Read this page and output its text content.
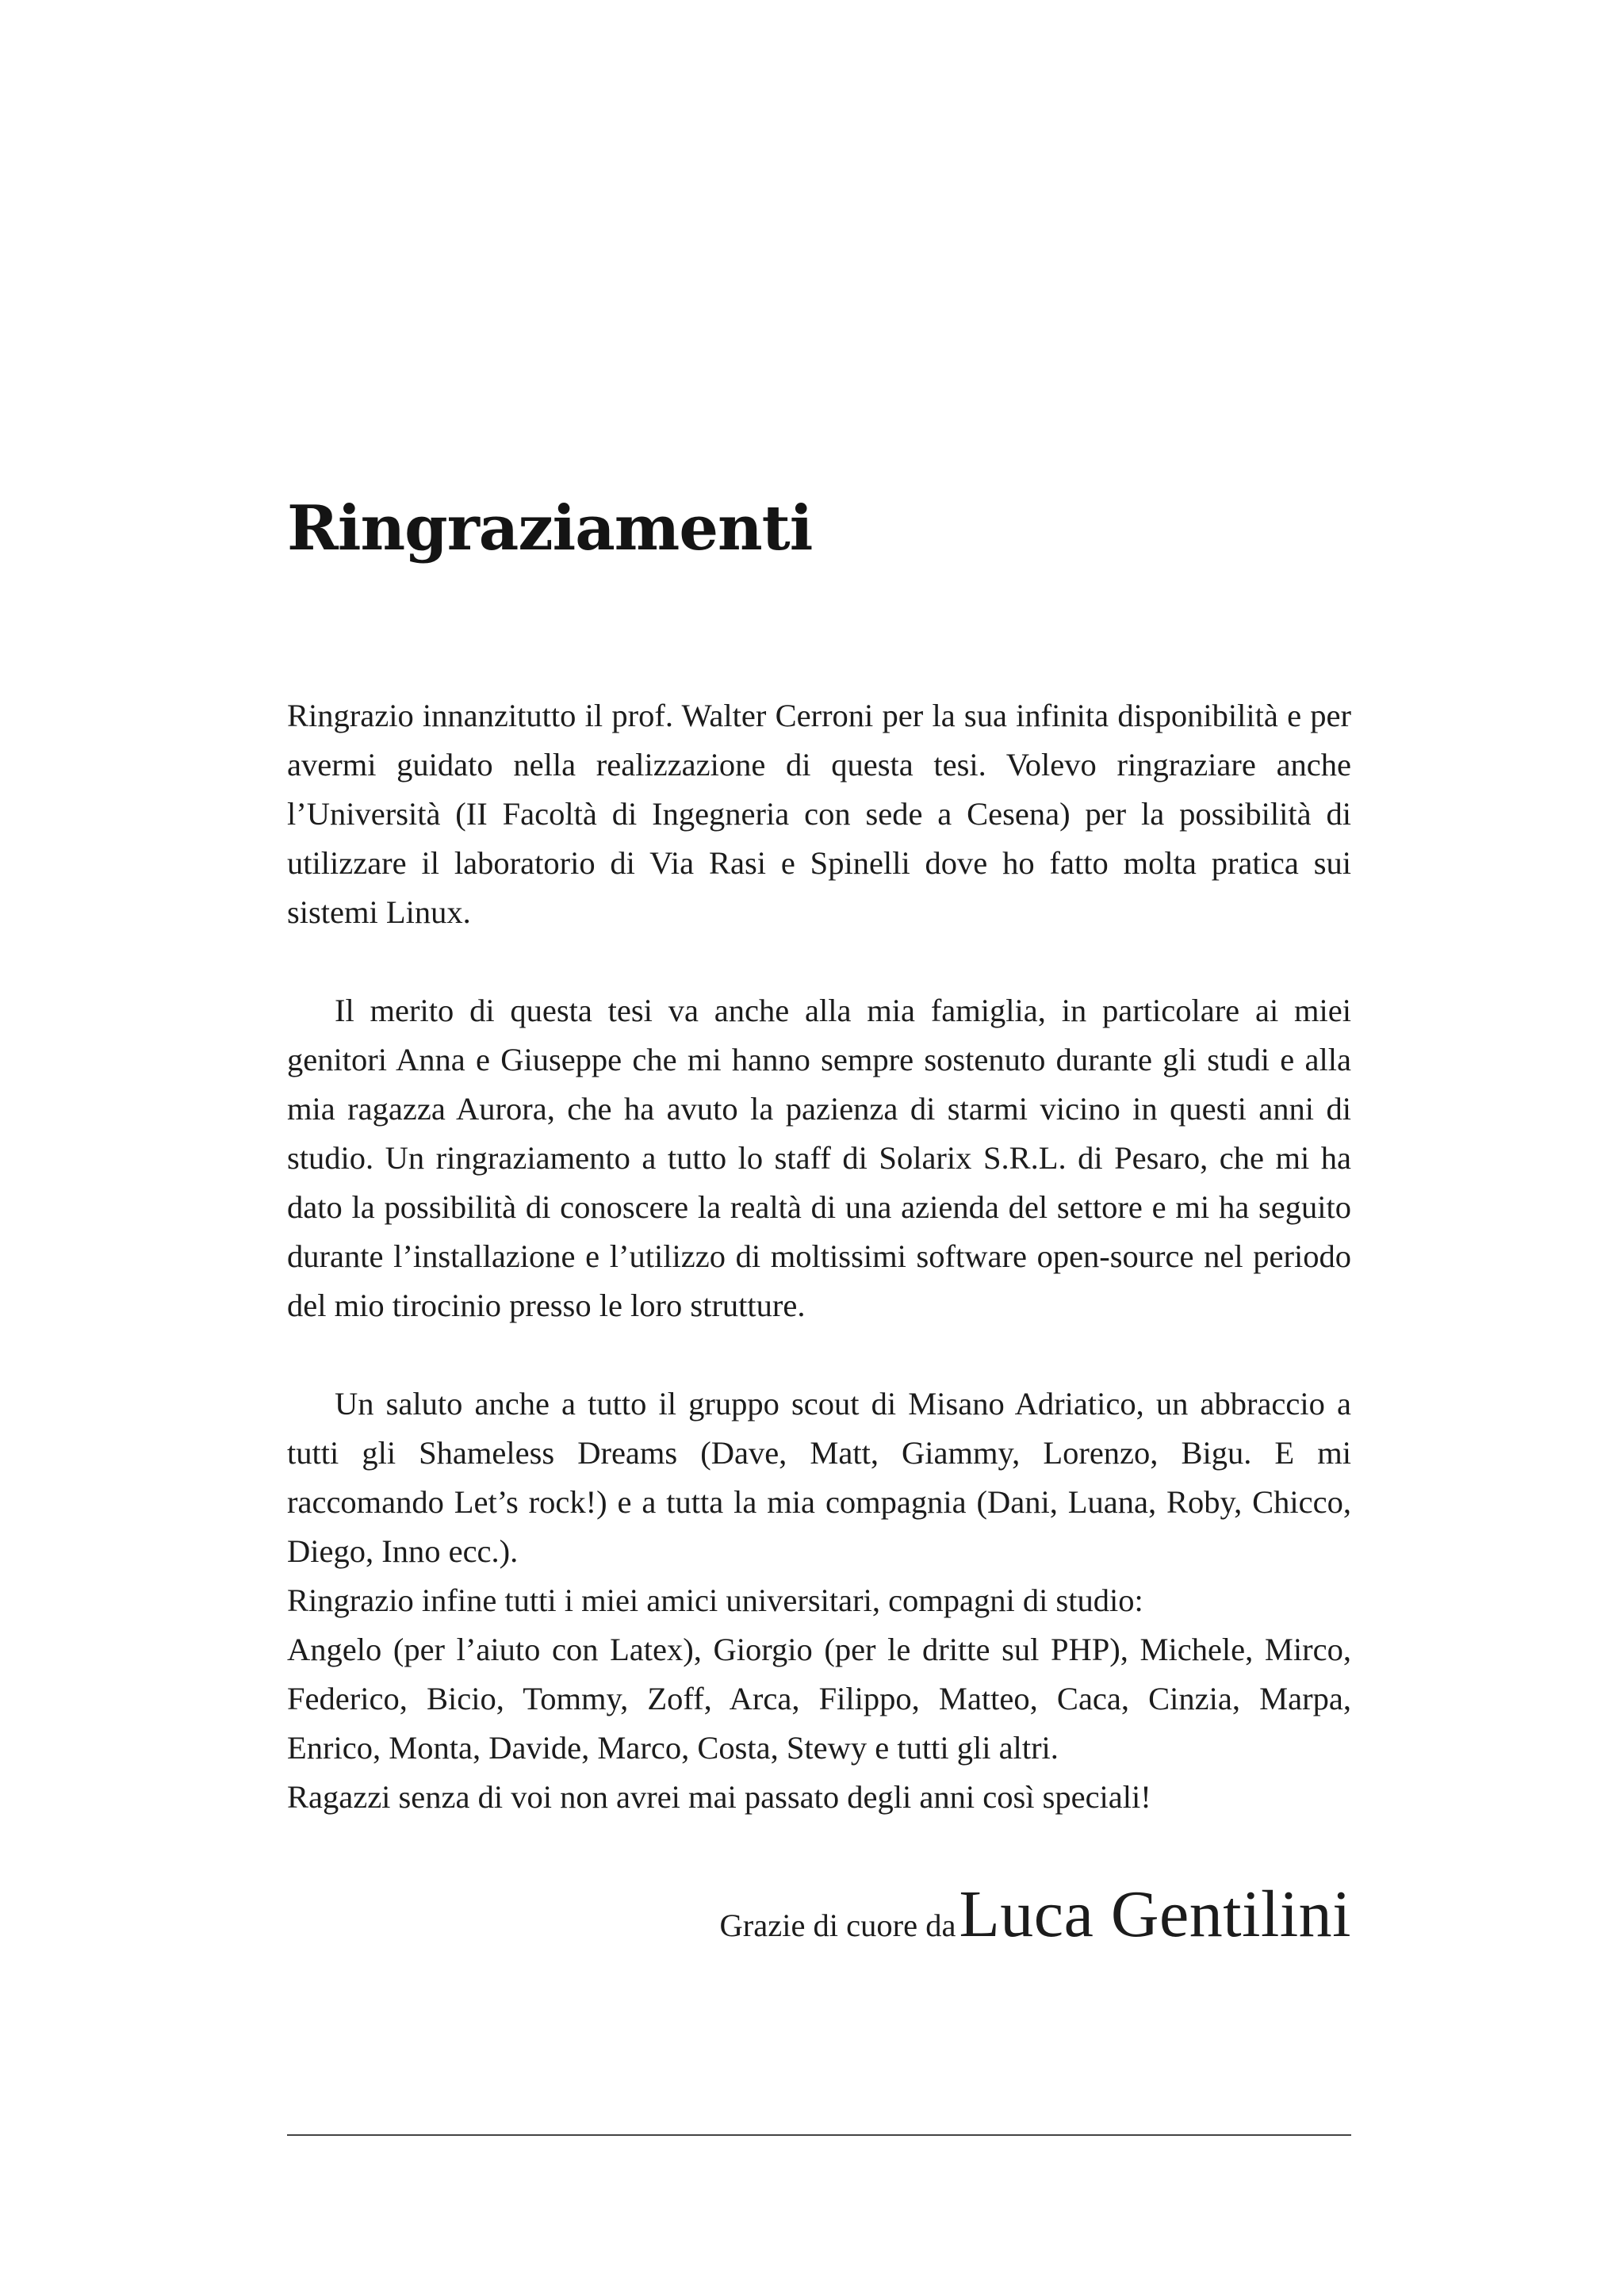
Ringraziamenti

Ringrazio innanzitutto il prof. Walter Cerroni per la sua infinita disponibilità e per avermi guidato nella realizzazione di questa tesi. Volevo ringraziare anche l’Università (II Facoltà di Ingegneria con sede a Cesena) per la possibilità di utilizzare il laboratorio di Via Rasi e Spinelli dove ho fatto molta pratica sui sistemi Linux.

Il merito di questa tesi va anche alla mia famiglia, in particolare ai miei genitori Anna e Giuseppe che mi hanno sempre sostenuto durante gli studi e alla mia ragazza Aurora, che ha avuto la pazienza di starmi vicino in questi anni di studio. Un ringraziamento a tutto lo staff di Solarix S.R.L. di Pesaro, che mi ha dato la possibilità di conoscere la realtà di una azienda del settore e mi ha seguito durante l’installazione e l’utilizzo di moltissimi software open-source nel periodo del mio tirocinio presso le loro strutture.

Un saluto anche a tutto il gruppo scout di Misano Adriatico, un abbraccio a tutti gli Shameless Dreams (Dave, Matt, Giammy, Lorenzo, Bigu. E mi raccomando Let’s rock!) e a tutta la mia compagnia (Dani, Luana, Roby, Chicco, Diego, Inno ecc.).

Ringrazio infine tutti i miei amici universitari, compagni di studio:
Angelo (per l’aiuto con Latex), Giorgio (per le dritte sul PHP), Michele, Mirco, Federico, Bicio, Tommy, Zoff, Arca, Filippo, Matteo, Caca, Cinzia, Marpa, Enrico, Monta, Davide, Marco, Costa, Stewy e tutti gli altri.
Ragazzi senza di voi non avrei mai passato degli anni così speciali!

Grazie di cuore da Luca Gentilini
